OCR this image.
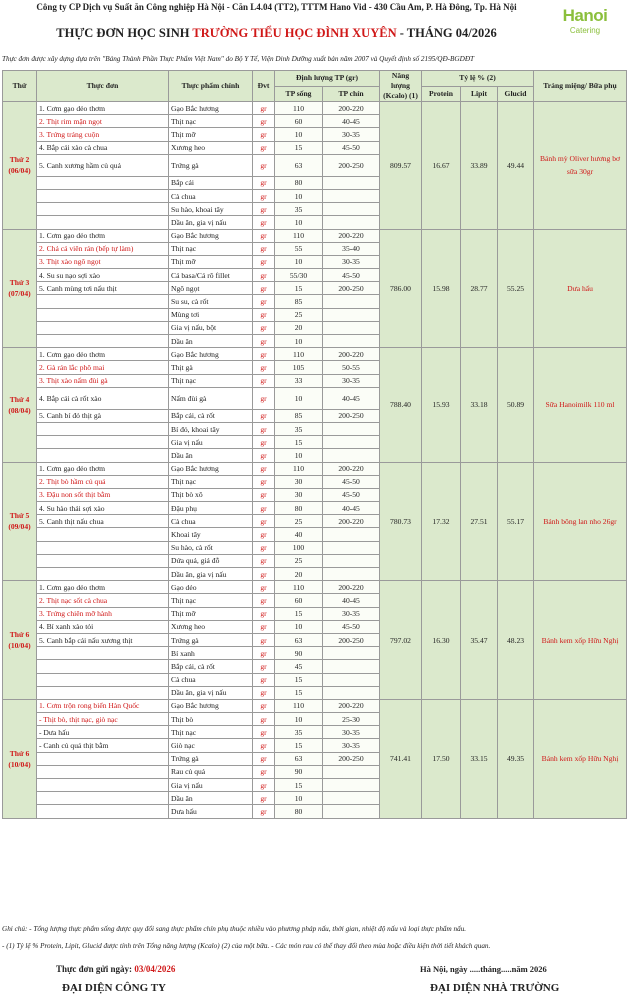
Công ty CP Dịch vụ Suất ăn Công nghiệp Hà Nội - Căn L4.04 (TT2), TTTM Hano Vid - 430 Cầu Am, P. Hà Đông, Tp. Hà Nội
THỰC ĐƠN HỌC SINH TRƯỜNG TIỂU HỌC ĐÌNH XUYÊN - THÁNG 04/2026
Hanoi
Catering
Thực đơn được xây dựng dựa trên "Bảng Thành Phần Thực Phẩm Việt Nam" do Bộ Y Tế, Viện Dinh Dưỡng xuất bản năm 2007 và Quyết định số 2195/QĐ-BGDĐT
Thứ	Thực đơn	Thực phẩm chính	Đvt	Định lượng TP (gr)		Năng lượng (Kcalo) (1)	Tỷ lệ % (2)			Tráng miệng/ Bữa phụ
				TP sống	TP chín		Protein	Lipit	Glucid	
Thứ 2 (06/04)	1. Cơm gạo dẻo thơm	Gạo Bắc hương	gr	110	200-220	809.57	16.67	33.89	49.44	Bánh mỳ Oliver hương bơ sữa 30gr
	2. Thịt rim mặn ngọt	Thịt nạc	gr	60	40-45					
	3. Trứng tráng cuộn	Thịt mỡ	gr	10	30-35					
	4. Bắp cải xào cà chua	Xương heo	gr	15	45-50					
	5. Canh xương hầm củ quả	Trứng gà	gr	63	200-250					
		Bắp cải	gr	80						
		Cà chua	gr	10						
		Su hào, khoai tây	gr	35						
		Dầu ăn, gia vị nấu	gr	10						
Thứ 3 (07/04)	1. Cơm gạo dẻo thơm	Gạo Bắc hương	gr	110	200-220	786.00	15.98	28.77	55.25	Dưa hấu
	2. Chả cá viên rán (bếp tự làm)	Thịt nạc	gr	55	35-40					
	3. Thịt xào ngô ngọt	Thịt mỡ	gr	10	30-35					
	4. Su su nạo sợi xào	Cá basa/Cá rô fillet	gr	55/30	45-50					
	5. Canh mùng tơi nấu thịt	Ngô ngọt	gr	15	200-250					
		Su su, cà rốt	gr	85						
		Mùng tơi	gr	25						
		Gia vị nấu, bột	gr	20						
		Dầu ăn	gr	10						
Thứ 4 (08/04)	1. Cơm gạo dẻo thơm	Gạo Bắc hương	gr	110	200-220	788.40	15.93	33.18	50.89	Sữa Hanoimilk 110 ml
	2. Gà rán lắc phô mai	Thịt gà	gr	105	50-55					
	3. Thịt xào nấm đùi gà	Thịt nạc	gr	33	30-35					
	4. Bắp cải cà rốt xào	Nấm đùi gà	gr	10	40-45					
	5. Canh bí đỏ thịt gà	Bắp cải, cà rốt	gr	85	200-250					
		Bí đỏ, khoai tây	gr	35						
		Gia vị nấu	gr	15						
		Dầu ăn	gr	10						
Thứ 5 (09/04)	1. Cơm gạo dẻo thơm	Gạo Bắc hương	gr	110	200-220	780.73	17.32	27.51	55.17	Bánh bông lan nho 26gr
	2. Thịt bò hầm củ quả	Thịt nạc	gr	30	45-50					
	3. Đậu non sốt thịt bằm	Thịt bò xô	gr	30	45-50					
	4. Su hào thái sợi xào	Đậu phụ	gr	80	40-45					
	5. Canh thịt nấu chua	Cà chua	gr	25	200-220					
		Khoai tây	gr	40						
		Su hào, cà rốt	gr	100						
		Dứa quả, giá đỗ	gr	25						
		Dầu ăn, gia vị nấu	gr	20						
Thứ 6 (10/04)	1. Cơm gạo dẻo thơm	Gạo dẻo	gr	110	200-220	797.02	16.30	35.47	48.23	Bánh kem xốp Hữu Nghị
	2. Thịt nạc sốt cà chua	Thịt nạc	gr	60	40-45					
	3. Trứng chiên mỡ hành	Thịt mỡ	gr	15	30-35					
	4. Bí xanh xào tỏi	Xương heo	gr	10	45-50					
	5. Canh bắp cải nấu xương thịt	Trứng gà	gr	63	200-250					
		Bí xanh	gr	90						
		Bắp cải, cà rốt	gr	45						
		Cà chua	gr	15						
		Dầu ăn, gia vị nấu	gr	15						
Thứ 6 (10/04)	1. Cơm trộn rong biển Hàn Quốc	Gạo Bắc hương	gr	110	200-220	741.41	17.50	33.15	49.35	Bánh kem xốp Hữu Nghị
	- Thịt bò, thịt nạc, giò nạc	Thịt bò	gr	10	25-30					
	- Dưa hấu	Thịt nạc	gr	35	30-35					
	- Canh củ quả thịt bằm	Giò nạc	gr	15	30-35					
		Trứng gà	gr	63	200-250					
		Rau củ quả	gr	90						
		Gia vị nấu	gr	15						
		Dầu ăn	gr	10						
		Dưa hấu	gr	80						
Ghi chú: - Tổng lượng thực phẩm sống được quy đổi sang thực phẩm chín phụ thuộc nhiều vào phương pháp nấu, thời gian, nhiệt độ nấu và loại thực phẩm nấu.
- (1) Tỷ lệ % Protein, Lipit, Glucid được tính trên Tổng năng lượng (Kcalo) (2) của một bữa. - Các món rau có thể thay đổi theo mùa hoặc điều kiện thời tiết khách quan.
Thực đơn gửi ngày: 03/04/2026	Hà Nội, ngày .....tháng.....năm 2026
ĐẠI DIỆN CÔNG TY	ĐẠI DIỆN NHÀ TRƯỜNG
